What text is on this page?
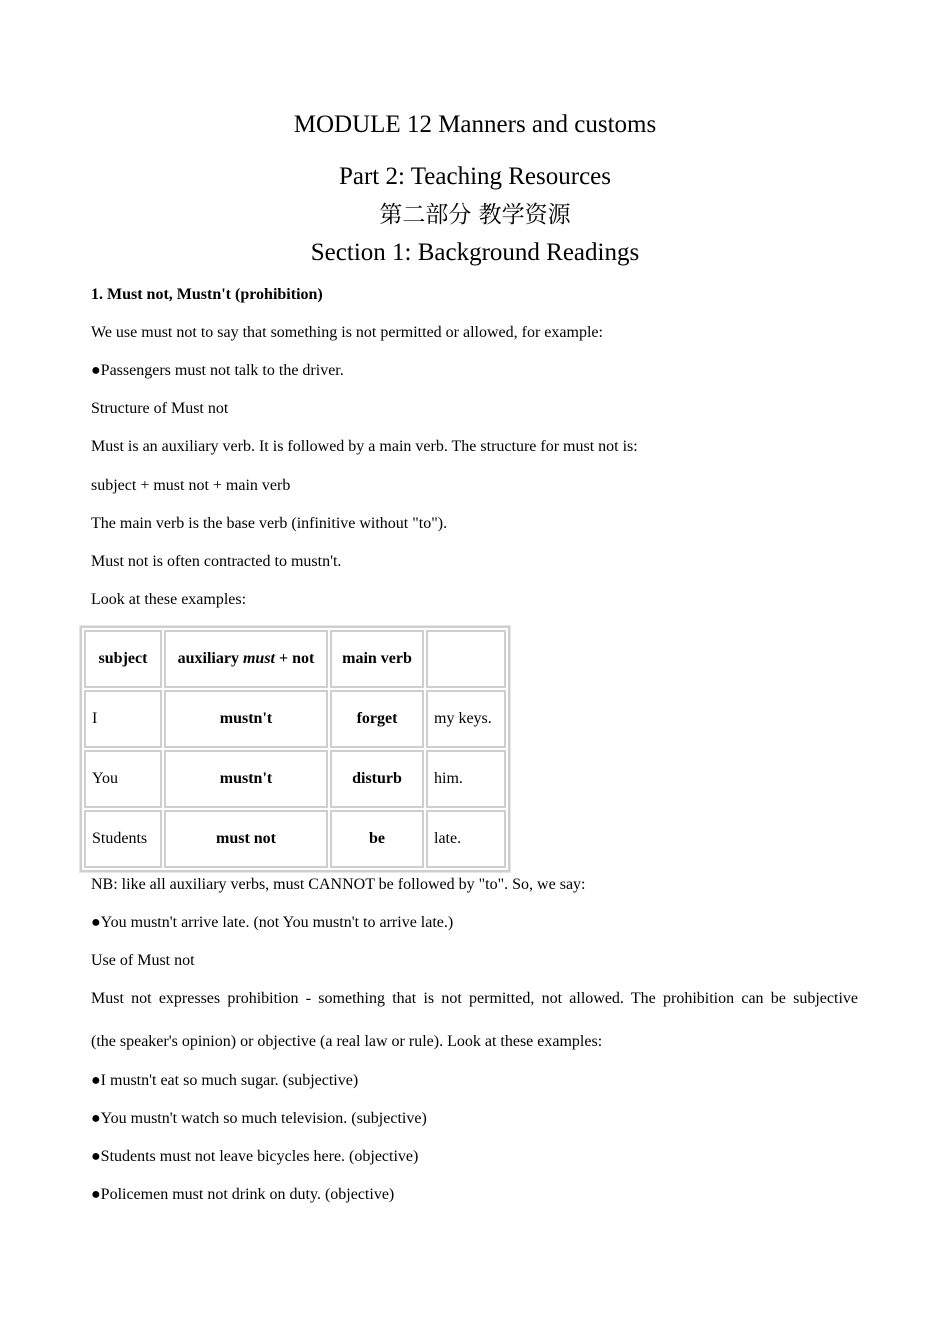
MODULE 12 Manners and customs
Part 2: Teaching Resources
第二部分 教学资源
Section 1: Background Readings
1. Must not, Mustn't (prohibition)
We use must not to say that something is not permitted or allowed, for example:
●Passengers must not talk to the driver.
Structure of Must not
Must is an auxiliary verb. It is followed by a main verb. The structure for must not is:
subject + must not + main verb
The main verb is the base verb (infinitive without "to").
Must not is often contracted to mustn't.
Look at these examples:
subject	auxiliary must + not	main verb	
I	mustn't	forget	my keys.
You	mustn't	disturb	him.
Students	must not	be	late.
NB: like all auxiliary verbs, must CANNOT be followed by "to". So, we say:
●You mustn't arrive late. (not You mustn't to arrive late.)
Use of Must not
Must not expresses prohibition - something that is not permitted, not allowed. The prohibition can be subjective
(the speaker's opinion) or objective (a real law or rule). Look at these examples:
●I mustn't eat so much sugar. (subjective)
●You mustn't watch so much television. (subjective)
●Students must not leave bicycles here. (objective)
●Policemen must not drink on duty. (objective)
